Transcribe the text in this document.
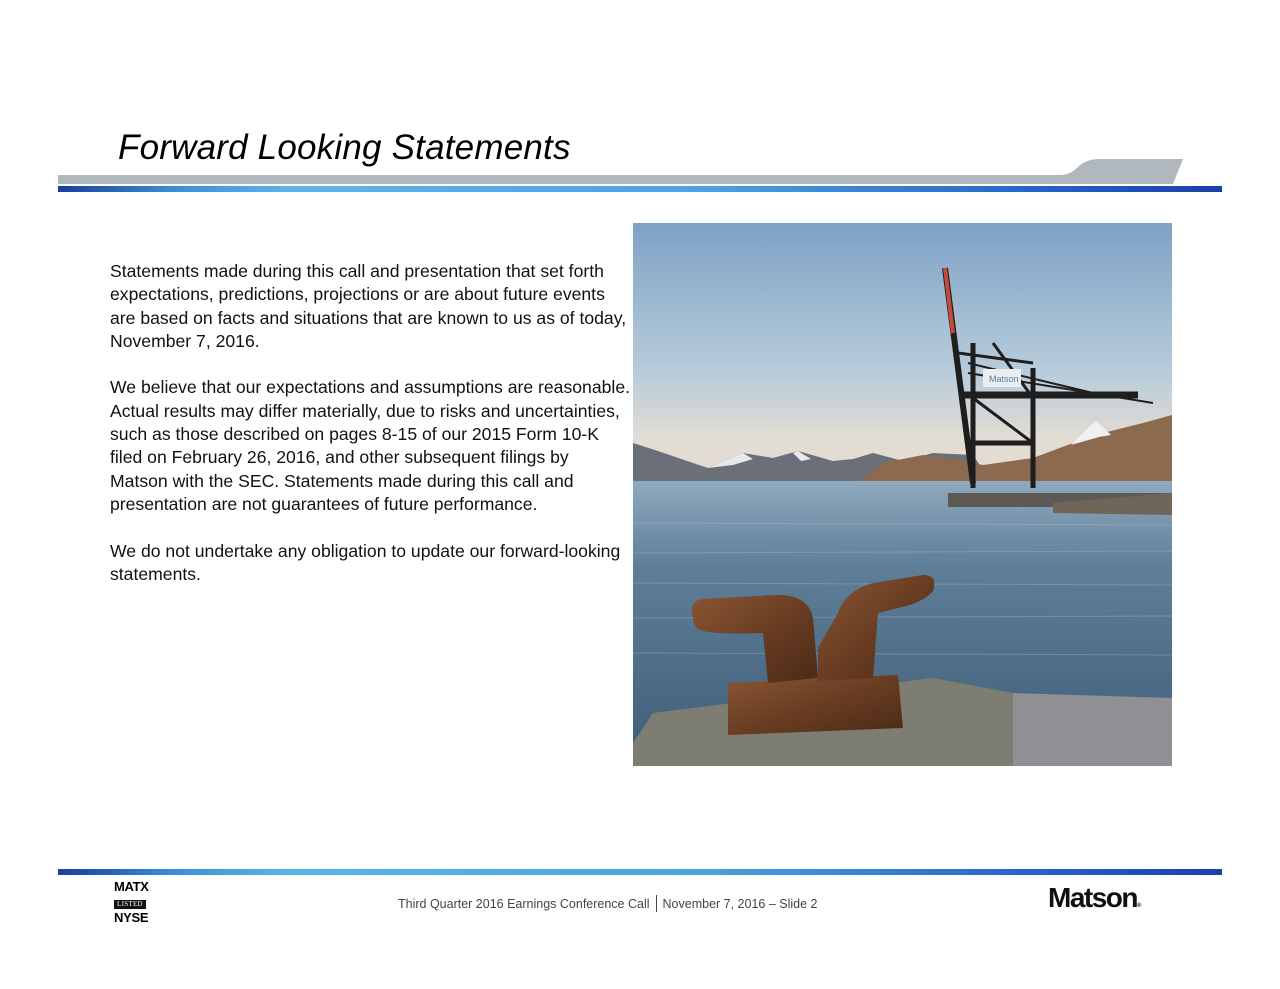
Forward Looking Statements

Statements made during this call and presentation that set forth expectations, predictions, projections or are about future events are based on facts and situations that are known to us as of today, November 7, 2016.

We believe that our expectations and assumptions are reasonable. Actual results may differ materially, due to risks and uncertainties, such as those described on pages 8-15 of our 2015 Form 10-K filed on February 26, 2016, and other subsequent filings by Matson with the SEC. Statements made during this call and presentation are not guarantees of future performance.

We do not undertake any obligation to update our forward-looking statements.

Matson
MATX
LISTED
NYSE
Third Quarter 2016 Earnings Conference Call November 7, 2016 – Slide 2	Matson®
